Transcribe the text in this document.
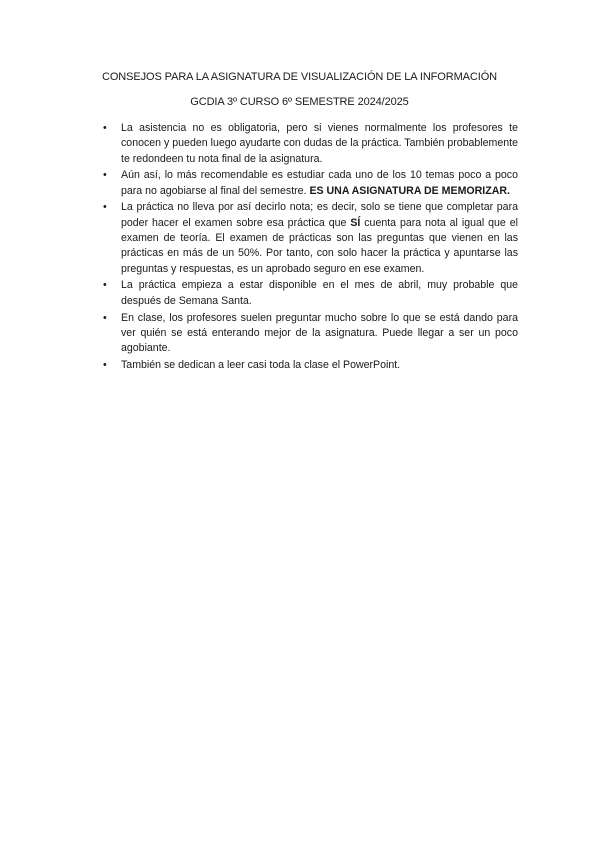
CONSEJOS PARA LA ASIGNATURA DE VISUALIZACIÓN DE LA INFORMACIÓN
GCDIA 3º CURSO 6º SEMESTRE 2024/2025
• La asistencia no es obligatoria, pero si vienes normalmente los profesores te conocen y pueden luego ayudarte con dudas de la práctica. También probablemente te redondeen tu nota final de la asignatura.
• Aún así, lo más recomendable es estudiar cada uno de los 10 temas poco a poco para no agobiarse al final del semestre. ES UNA ASIGNATURA DE MEMORIZAR.
• La práctica no lleva por así decirlo nota; es decir, solo se tiene que completar para poder hacer el examen sobre esa práctica que SÍ cuenta para nota al igual que el examen de teoría. El examen de prácticas son las preguntas que vienen en las prácticas en más de un 50%. Por tanto, con solo hacer la práctica y apuntarse las preguntas y respuestas, es un aprobado seguro en ese examen.
• La práctica empieza a estar disponible en el mes de abril, muy probable que después de Semana Santa.
• En clase, los profesores suelen preguntar mucho sobre lo que se está dando para ver quién se está enterando mejor de la asignatura. Puede llegar a ser un poco agobiante.
• También se dedican a leer casi toda la clase el PowerPoint.
